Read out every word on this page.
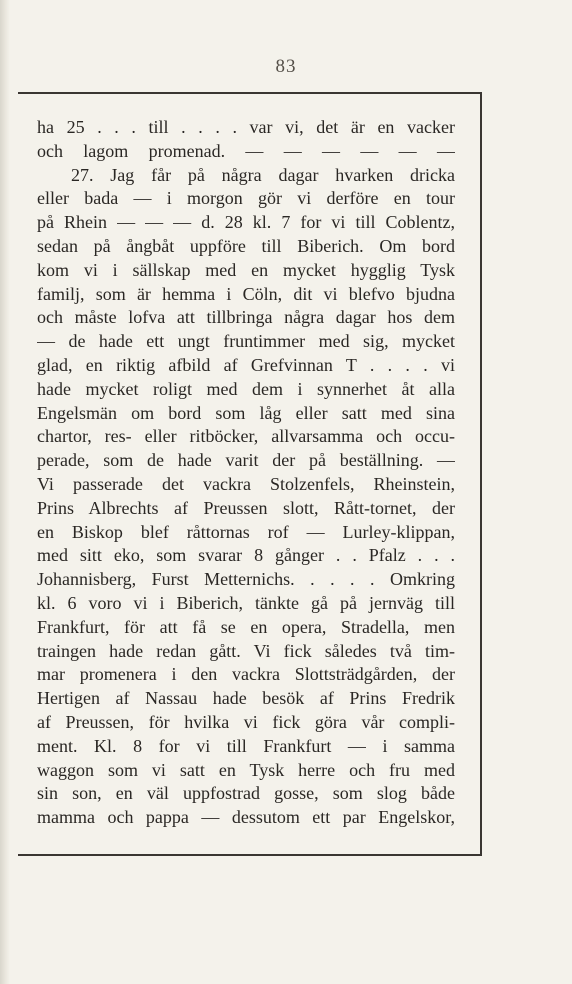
83
ha 25 . . . till . . . . var vi, det är en vacker
och lagom promenad. — — — — — —
27. Jag får på några dagar hvarken dricka
eller bada — i morgon gör vi derföre en tour
på Rhein — — — d. 28 kl. 7 for vi till Coblentz,
sedan på ångbåt uppföre till Biberich. Om bord
kom vi i sällskap med en mycket hygglig Tysk
familj, som är hemma i Cöln, dit vi blefvo bjudna
och måste lofva att tillbringa några dagar hos dem
— de hade ett ungt fruntimmer med sig, mycket
glad, en riktig afbild af Grefvinnan T . . . . vi
hade mycket roligt med dem i synnerhet åt alla
Engelsmän om bord som låg eller satt med sina
chartor, res- eller ritböcker, allvarsamma och occu-
perade, som de hade varit der på beställning. —
Vi passerade det vackra Stolzenfels, Rheinstein,
Prins Albrechts af Preussen slott, Rått-tornet, der
en Biskop blef råttornas rof — Lurley-klippan,
med sitt eko, som svarar 8 gånger . . Pfalz . . .
Johannisberg, Furst Metternichs. . . . . Omkring
kl. 6 voro vi i Biberich, tänkte gå på jernväg till
Frankfurt, för att få se en opera, Stradella, men
traingen hade redan gått. Vi fick således två tim-
mar promenera i den vackra Slottsträdgården, der
Hertigen af Nassau hade besök af Prins Fredrik
af Preussen, för hvilka vi fick göra vår compli-
ment. Kl. 8 for vi till Frankfurt — i samma
waggon som vi satt en Tysk herre och fru med
sin son, en väl uppfostrad gosse, som slog både
mamma och pappa — dessutom ett par Engelskor,
